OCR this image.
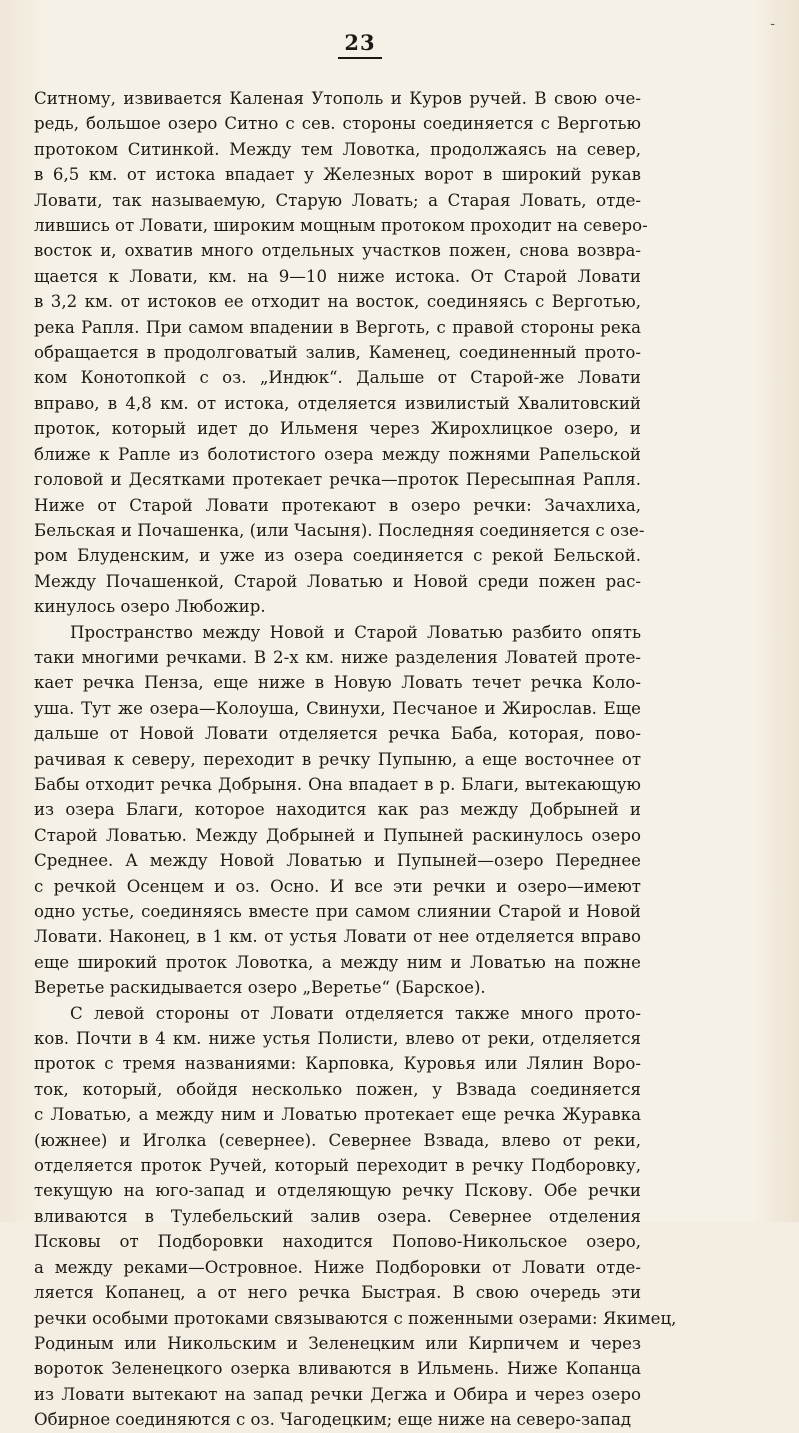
-
23

Ситному, извивается Каленая Утополь и Куров ручей. В свою оче-
редь, большое озеро Ситно с сев. стороны соединяется с Верготью
протоком Ситинкой. Между тем Ловотка, продолжаясь на север,
в 6,5 км. от истока впадает у Железных ворот в широкий рукав
Ловати, так называемую, Старую Ловать; а Старая Ловать, отде-
лившись от Ловати, широким мощным протоком проходит на северо-
восток и, охватив много отдельных участков пожен, снова возвра-
щается к Ловати, км. на 9—10 ниже истока. От Старой Ловати
в 3,2 км. от истоков ее отходит на восток, соединяясь с Верготью,
река Рапля. При самом впадении в Верготь, с правой стороны река
обращается в продолговатый залив, Каменец, соединенный прото-
ком Конотопкой с оз. „Индюк“. Дальше от Старой-же Ловати
вправо, в 4,8 км. от истока, отделяется извилистый Хвалитовский
проток, который идет до Ильменя через Жирохлицкое озеро, и
ближе к Рапле из болотистого озера между пожнями Рапельской
головой и Десятками протекает речка—проток Пересыпная Рапля.
Ниже от Старой Ловати протекают в озеро речки: Зачахлиха,
Бельская и Почашенка, (или Часыня). Последняя соединяется с озе-
ром Блуденским, и уже из озера соединяется с рекой Бельской.
Между Почашенкой, Старой Ловатью и Новой среди пожен рас-
кинулось озеро Любожир.

Пространство между Новой и Старой Ловатью разбито опять
таки многими речками. В 2-х км. ниже разделения Ловатей проте-
кает речка Пенза, еще ниже в Новую Ловать течет речка Коло-
уша. Тут же озера—Колоуша, Свинухи, Песчаное и Жирослав. Еще
дальше от Новой Ловати отделяется речка Баба, которая, пово-
рачивая к северу, переходит в речку Пупыню, а еще восточнее от
Бабы отходит речка Добрыня. Она впадает в р. Благи, вытекающую
из озера Благи, которое находится как раз между Добрыней и
Старой Ловатью. Между Добрыней и Пупыней раскинулось озеро
Среднее. А между Новой Ловатью и Пупыней—озеро Переднее
с речкой Осенцем и оз. Осно. И все эти речки и озеро—имеют
одно устье, соединяясь вместе при самом слиянии Старой и Новой
Ловати. Наконец, в 1 км. от устья Ловати от нее отделяется вправо
еще широкий проток Ловотка, а между ним и Ловатью на пожне
Веретье раскидывается озеро „Веретье“ (Барское).

С левой стороны от Ловати отделяется также много прото-
ков. Почти в 4 км. ниже устья Полисти, влево от реки, отделяется
проток с тремя названиями: Карповка, Куровья или Лялин Воро-
ток, который, обойдя несколько пожен, у Взвада соединяется
с Ловатью, а между ним и Ловатью протекает еще речка Журавка
(южнее) и Иголка (севернее). Севернее Взвада, влево от реки,
отделяется проток Ручей, который переходит в речку Подборовку,
текущую на юго-запад и отделяющую речку Пскову. Обе речки
вливаются в Тулебельский залив озера. Севернее отделения
Псковы от Подборовки находится Попово-Никольское озеро,
а между реками—Островное. Ниже Подборовки от Ловати отде-
ляется Копанец, а от него речка Быстрая. В свою очередь эти
речки особыми протоками связываются с поженными озерами: Якимец,
Родиным или Никольским и Зеленецким или Кирпичем и через
вороток Зеленецкого озерка вливаются в Ильмень. Ниже Копанца
из Ловати вытекают на запад речки Дегжа и Обира и через озеро
Обирное соединяются с оз. Чагодецким; еще ниже на северо-запад
